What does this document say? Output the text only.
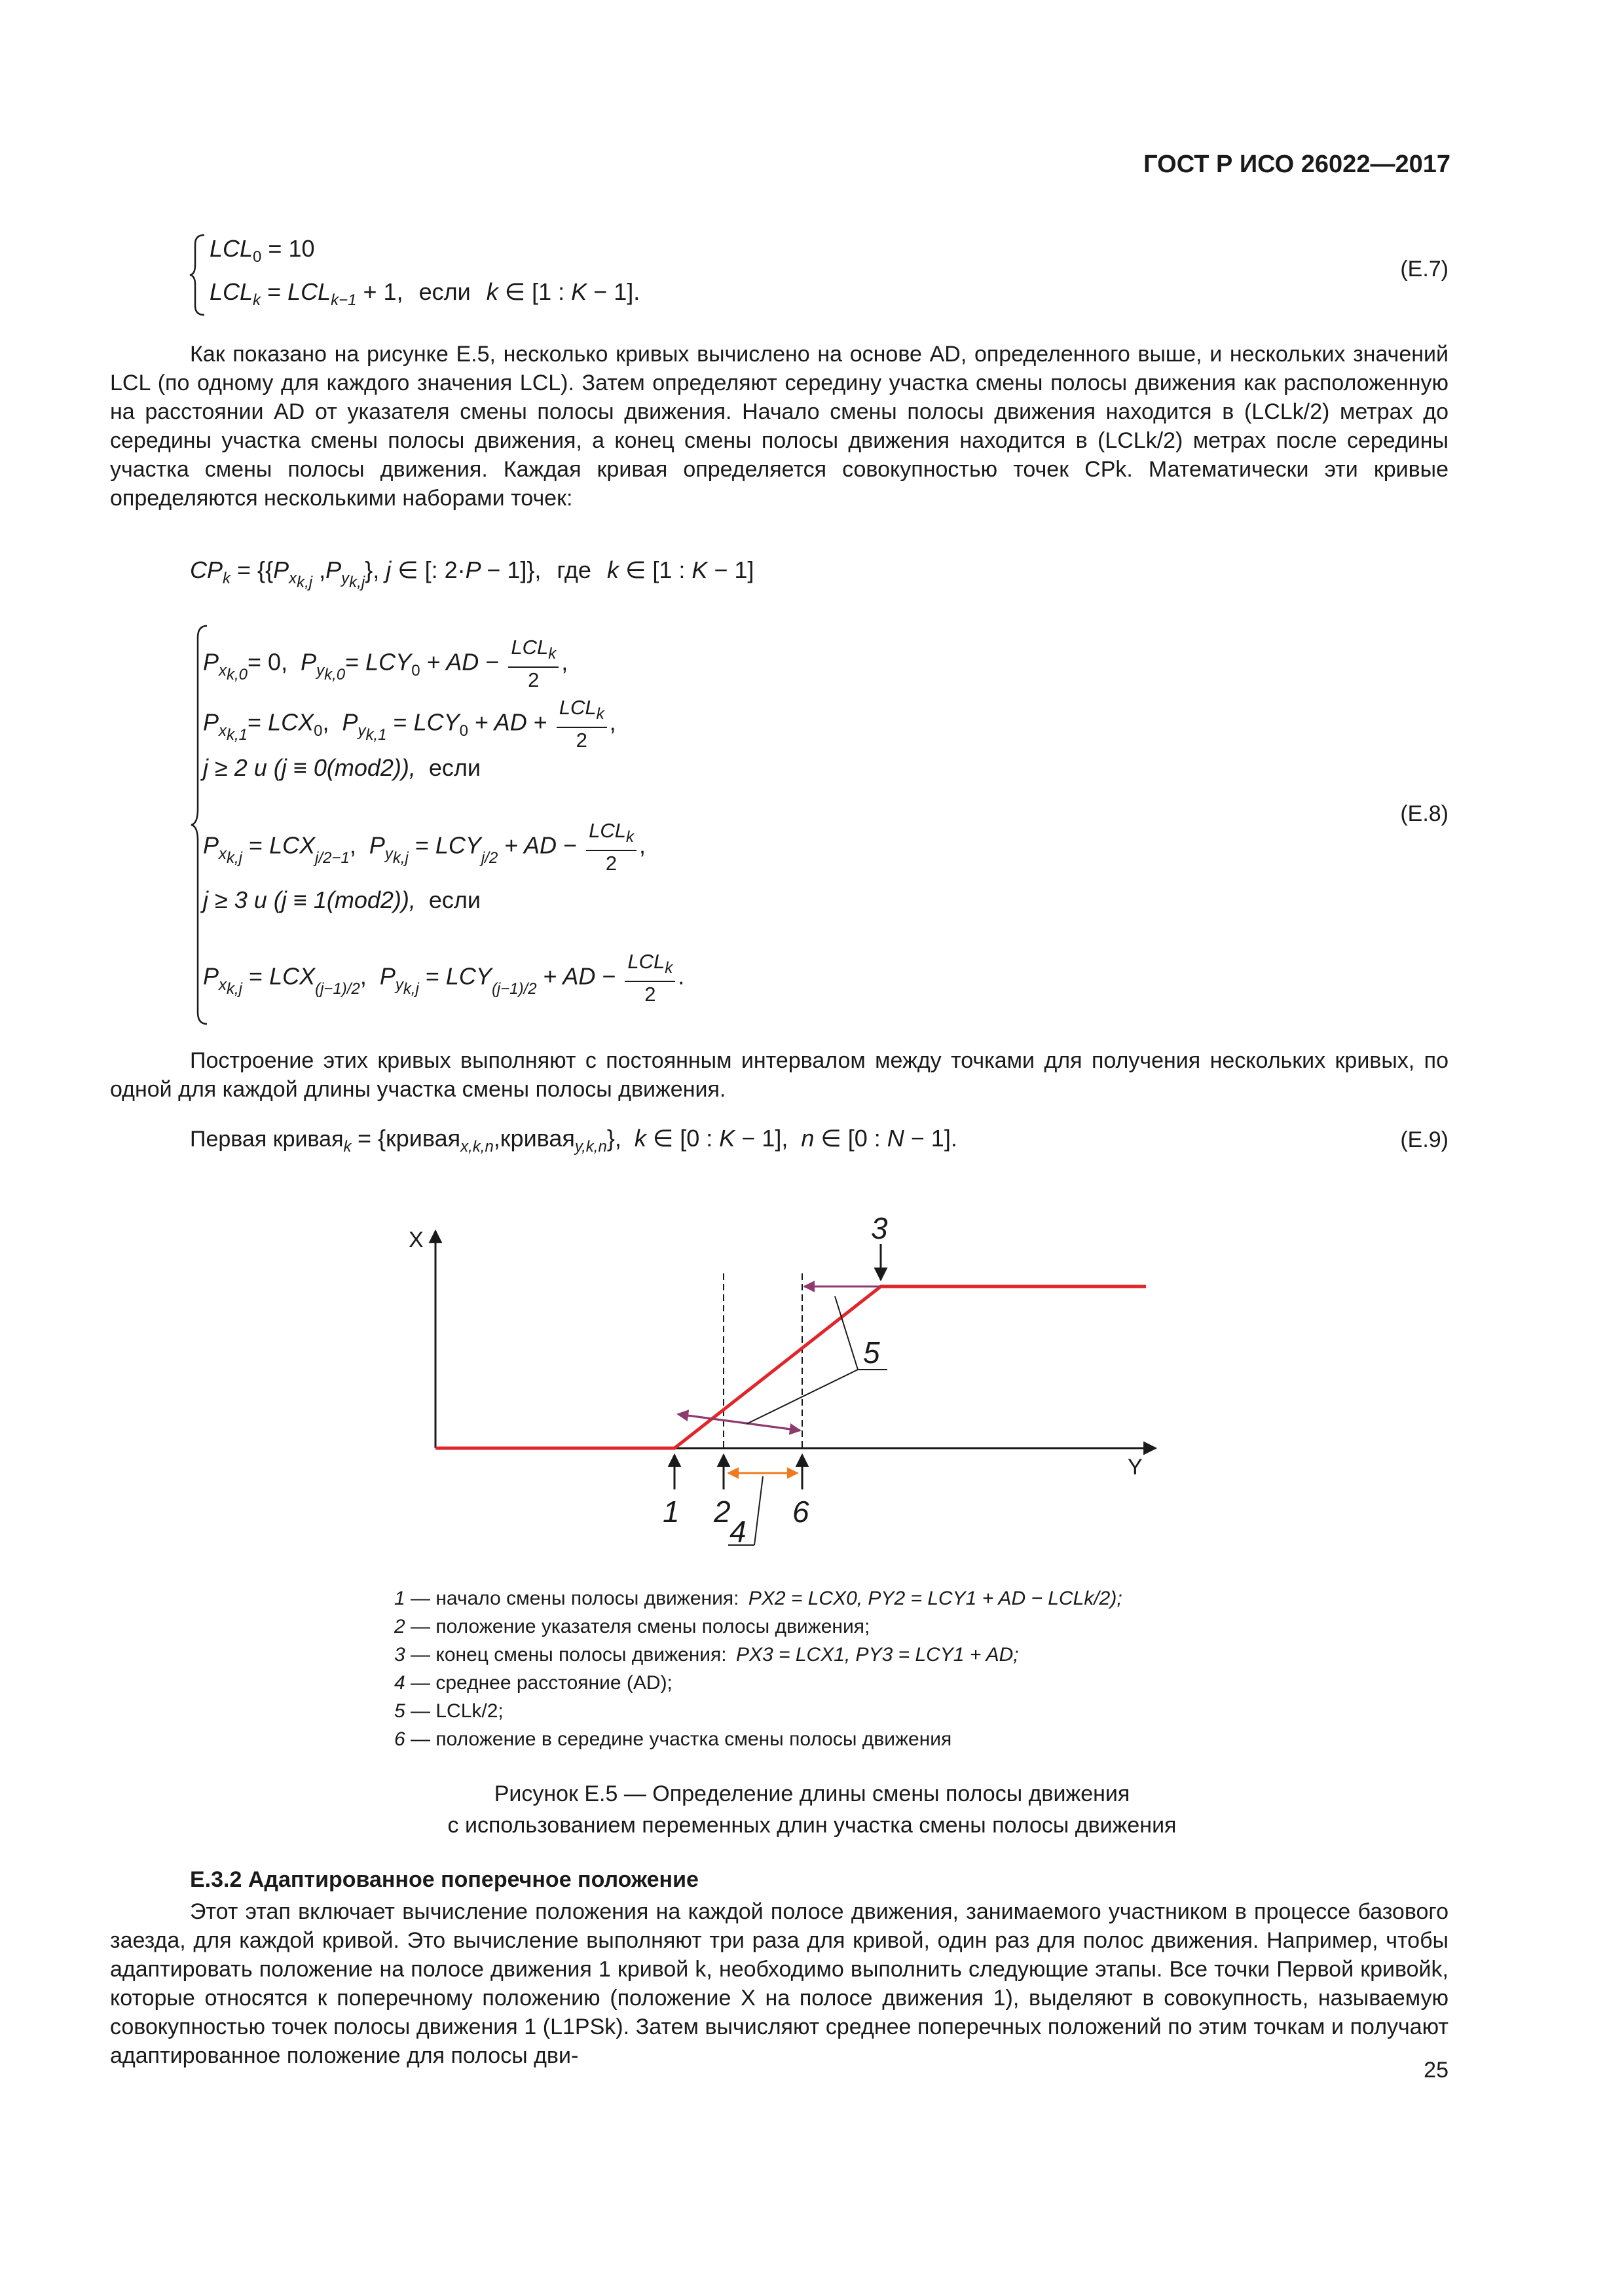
ГОСТ Р ИСО 26022—2017
$LCL_0 = 10$
$LCL_k = LCL_{k-1} + 1$, если k ∈ [1 : K − 1].
(E.7)

Как показано на рисунке Е.5, несколько кривых вычислено на основе AD, определенного выше, и нескольких значений LCL (по одному для каждого значения LCL). Затем определяют середину участка смены полосы движения как расположенную на расстоянии AD от указателя смены полосы движения. Начало смены полосы движения находится в (LCLk/2) метрах до середины участка смены полосы движения, а конец смены полосы движения находится в (LCLk/2) метрах после середины участка смены полосы движения. Каждая кривая определяется совокупностью точек CPk. Математически эти кривые определяются несколькими наборами точек:

$CP_k = \{\{P_{x_{k,j}}$ $,P_{y_{k,j}}$}, j ∈ [: 2·P − 1]}, где k ∈ [1 : K − 1]
$P_{x_{k,0}}= 0$,  $P_{y_{k,0}}= LCY_0$ + AD −
$LCL_k$
2
,
$P_{x_{k,1}}= LCX_0$,  $P_{y_{k,1}} = LCY_0$ + AD +
$LCL_k$
2
,
j ≥ 2 и (j ≡ 0(mod2)), если
$P_{x_{k,j}} = LCX_{_{j/2-1}}$,  $P_{y_{k,j}} = LCY_{_{j/2}}$ + AD −
$LCL_k$
2
,
j ≥ 3 и (j ≡ 1(mod2)), если
$P_{x_{k,j}} = LCX_{_{(j-1)/2}}$,  $P_{y_{k,j}} = LCY_{_{(j-1)/2}}$ + AD −
$LCL_k$
2
.
(E.8)

Построение этих кривых выполняют с постоянным интервалом между точками для получения нескольких кривых, по одной для каждой длины участка смены полосы движения.

Первая кривая$_k$ = {кривая$_{x,k,n}$,кривая$_{y,k,n}$},  k ∈ [0 : K − 1],  n ∈ [0 : N − 1].	(E.9)
X
Y
5
3
4
1 2 6
1 — начало смены полосы движения: PX2 = LCX0, PY2 = LCY1 + AD − LCLk/2);
2 — положение указателя смены полосы движения;
3 — конец смены полосы движения: PX3 = LCX1, PY3 = LCY1 + AD;
4 — среднее расстояние (AD);
5 — LCLk/2;
6 — положение в середине участка смены полосы движения
Рисунок Е.5 — Определение длины смены полосы движения
с использованием переменных длин участка смены полосы движения
Е.3.2 Адаптированное поперечное положение

Этот этап включает вычисление положения на каждой полосе движения, занимаемого участником в процессе базового заезда, для каждой кривой. Это вычисление выполняют три раза для кривой, один раз для полос движения. Например, чтобы адаптировать положение на полосе движения 1 кривой k, необходимо выполнить следующие этапы. Все точки Первой кривойk, которые относятся к поперечному положению (положение X на полосе движения 1), выделяют в совокупность, называемую совокупностью точек полосы движения 1 (L1PSk). Затем вычисляют среднее поперечных положений по этим точкам и получают адаптированное положение для полосы дви-

25
